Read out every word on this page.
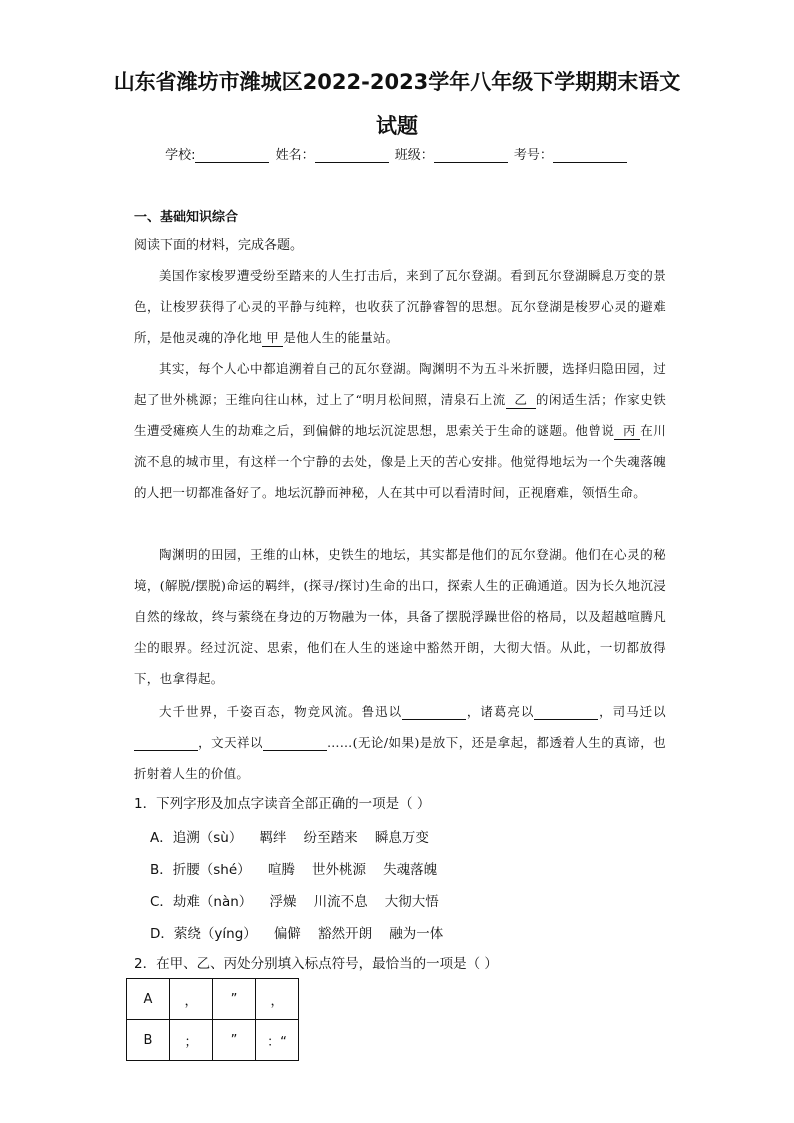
山东省潍坊市潍城区2022-2023学年八年级下学期期末语文
试题
学校:	姓名：	班级：	考号：
一、基础知识综合
阅读下面的材料，完成各题。
美国作家梭罗遭受纷至踏来的人生打击后，来到了瓦尔登湖。看到瓦尔登湖瞬息万变的景色，让梭罗获得了心灵的平静与纯粹，也收获了沉静睿智的思想。瓦尔登湖是梭罗心灵的避难所，是他灵魂的净化地 甲 是他人生的能量站。
其实，每个人心中都追溯着自己的瓦尔登湖。陶渊明不为五斗米折腰，选择归隐田园，过起了世外桃源；王维向往山林，过上了“明月松间照，清泉石上流 乙 的闲适生活；作家史铁生遭受瘫痪人生的劫难之后，到偏僻的地坛沉淀思想，思索关于生命的谜题。他曾说 丙 在川流不息的城市里，有这样一个宁静的去处，像是上天的苦心安排。他觉得地坛为一个失魂落魄的人把一切都准备好了。地坛沉静而神秘，人在其中可以看清时间，正视磨难，领悟生命。
陶渊明的田园，王维的山林，史铁生的地坛，其实都是他们的瓦尔登湖。他们在心灵的秘境，(解脱/摆脱)命运的羁绊，(探寻/探讨)生命的出口，探索人生的正确通道。因为长久地沉浸自然的缘故，终与萦绕在身边的万物融为一体，具备了摆脱浮躁世俗的格局，以及超越喧腾凡尘的眼界。经过沉淀、思索，他们在人生的迷途中豁然开朗，大彻大悟。从此，一切都放得下，也拿得起。
大千世界，千姿百态，物竞风流。鲁迅以	，诸葛亮以	，司马迁以，文天祥以	……(无论/如果)是放下，还是拿起，都透着人生的真谛，也折射着人生的价值。
1．下列字形及加点字读音全部正确的一项是（ ）
A．追溯（sù）    羁绊    纷至踏来    瞬息万变
B．折腰（shé）    喧腾    世外桃源    失魂落魄
C．劫难（nàn）    浮燥    川流不息    大彻大悟
D．萦绕（yíng）    偏僻    豁然开朗    融为一体
2．在甲、乙、丙处分别填入标点符号，最恰当的一项是（ ）
A	，	”	，
B	；	”	：“
